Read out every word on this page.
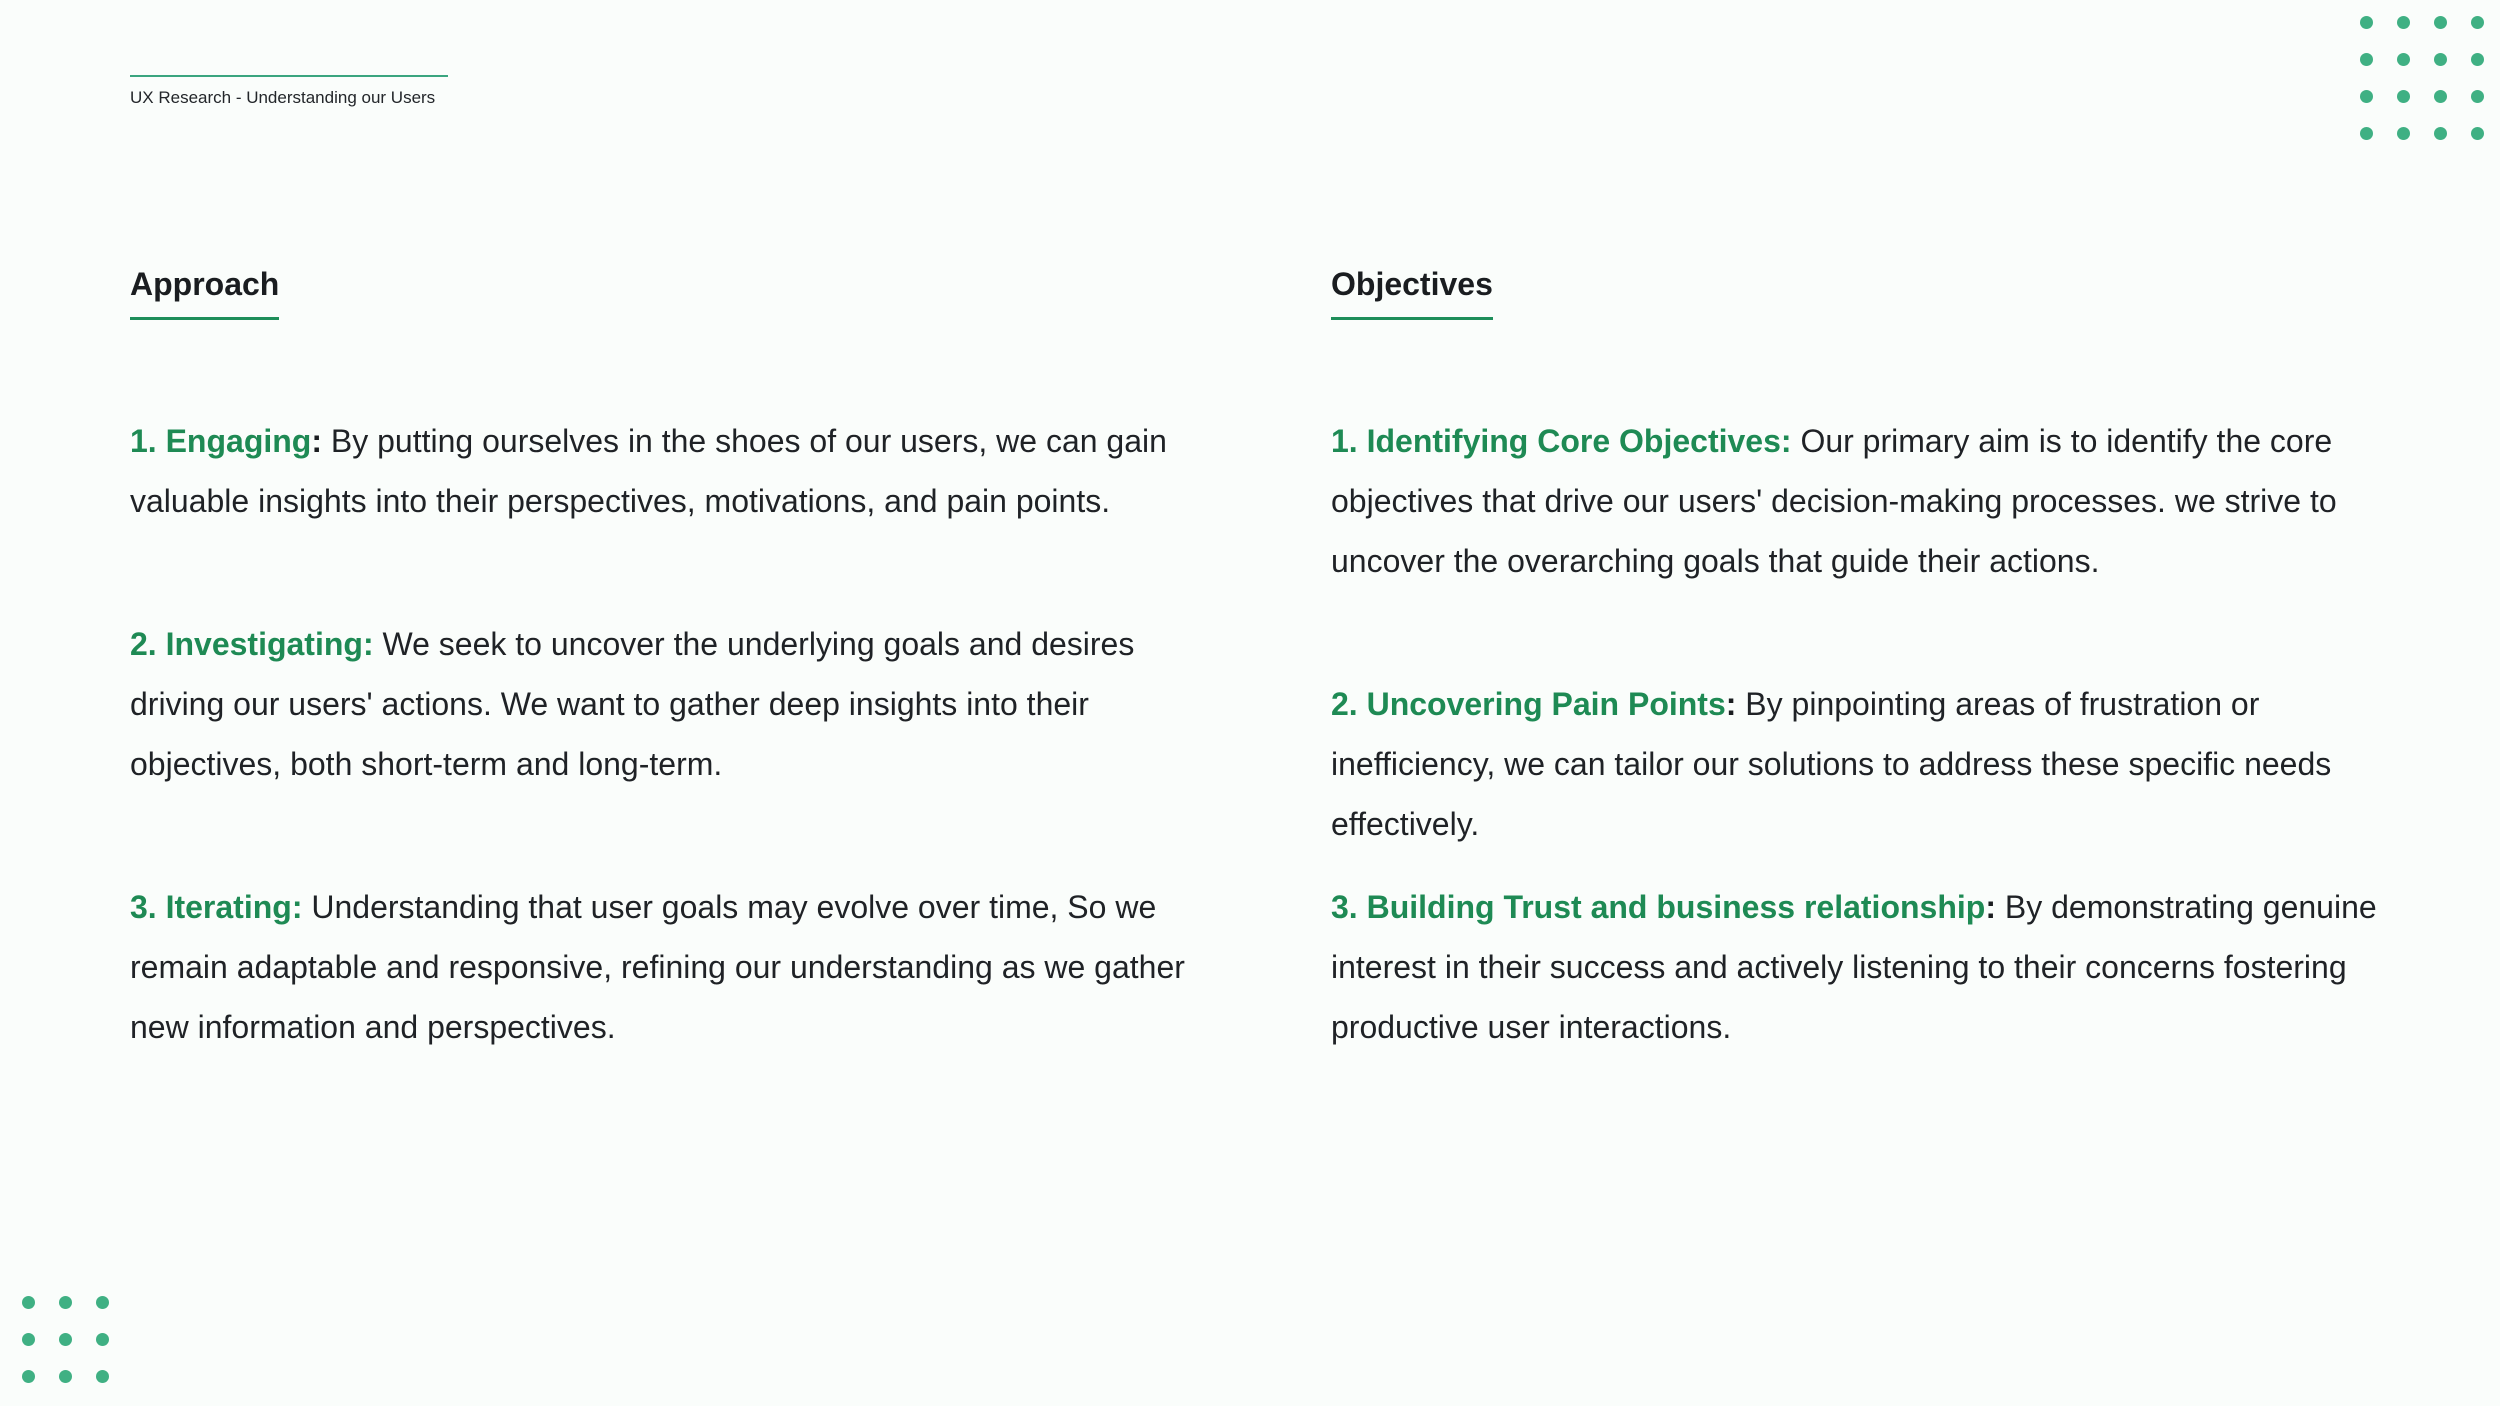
UX Research - Understanding our Users
Approach

1. Engaging: By putting ourselves in the shoes of our users, we can gain valuable insights into their perspectives, motivations, and pain points.

2. Investigating: We seek to uncover the underlying goals and desires driving our users' actions. We want to gather deep insights into their objectives, both short-term and long-term.

3. Iterating: Understanding that user goals may evolve over time, So we remain adaptable and responsive, refining our understanding as we gather new information and perspectives.

Objectives

1. Identifying Core Objectives: Our primary aim is to identify the core objectives that drive our users' decision-making processes. we strive to uncover the overarching goals that guide their actions.

2. Uncovering Pain Points: By pinpointing areas of frustration or inefficiency, we can tailor our solutions to address these specific needs effectively.

3. Building Trust and business relationship: By demonstrating genuine interest in their success and actively listening to their concerns fostering productive user interactions.
